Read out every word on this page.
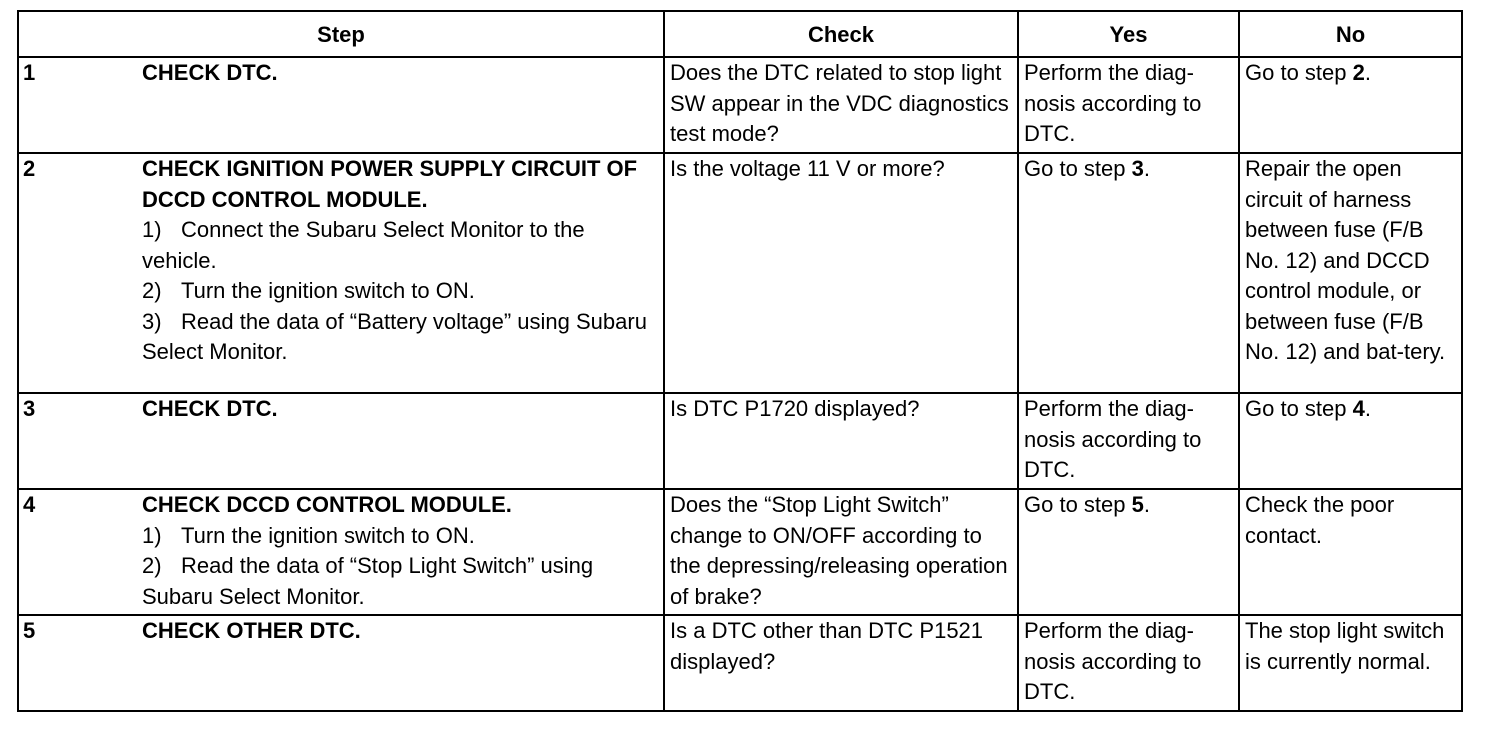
Step		Check	Yes	No
1	CHECK DTC.	Does the DTC related to stop light SW appear in the VDC diagnostics test mode?	Perform the diag-nosis according to DTC.	Go to step 2.
2	CHECK IGNITION POWER SUPPLY CIRCUIT OF DCCD CONTROL MODULE.
1) Connect the Subaru Select Monitor to the vehicle.
2) Turn the ignition switch to ON.
3) Read the data of “Battery voltage” using Subaru Select Monitor.	Is the voltage 11 V or more?	Go to step 3.	Repair the open circuit of harness between fuse (F/B No. 12) and DCCD control module, or between fuse (F/B No. 12) and bat-tery.
3	CHECK DTC.	Is DTC P1720 displayed?	Perform the diag-nosis according to DTC.	Go to step 4.
4	CHECK DCCD CONTROL MODULE.
1) Turn the ignition switch to ON.
2) Read the data of “Stop Light Switch” using Subaru Select Monitor.	Does the “Stop Light Switch” change to ON/OFF according to the depressing/releasing operation of brake?	Go to step 5.	Check the poor contact.
5	CHECK OTHER DTC.	Is a DTC other than DTC P1521 displayed?	Perform the diag-nosis according to DTC.	The stop light switch is currently normal.
